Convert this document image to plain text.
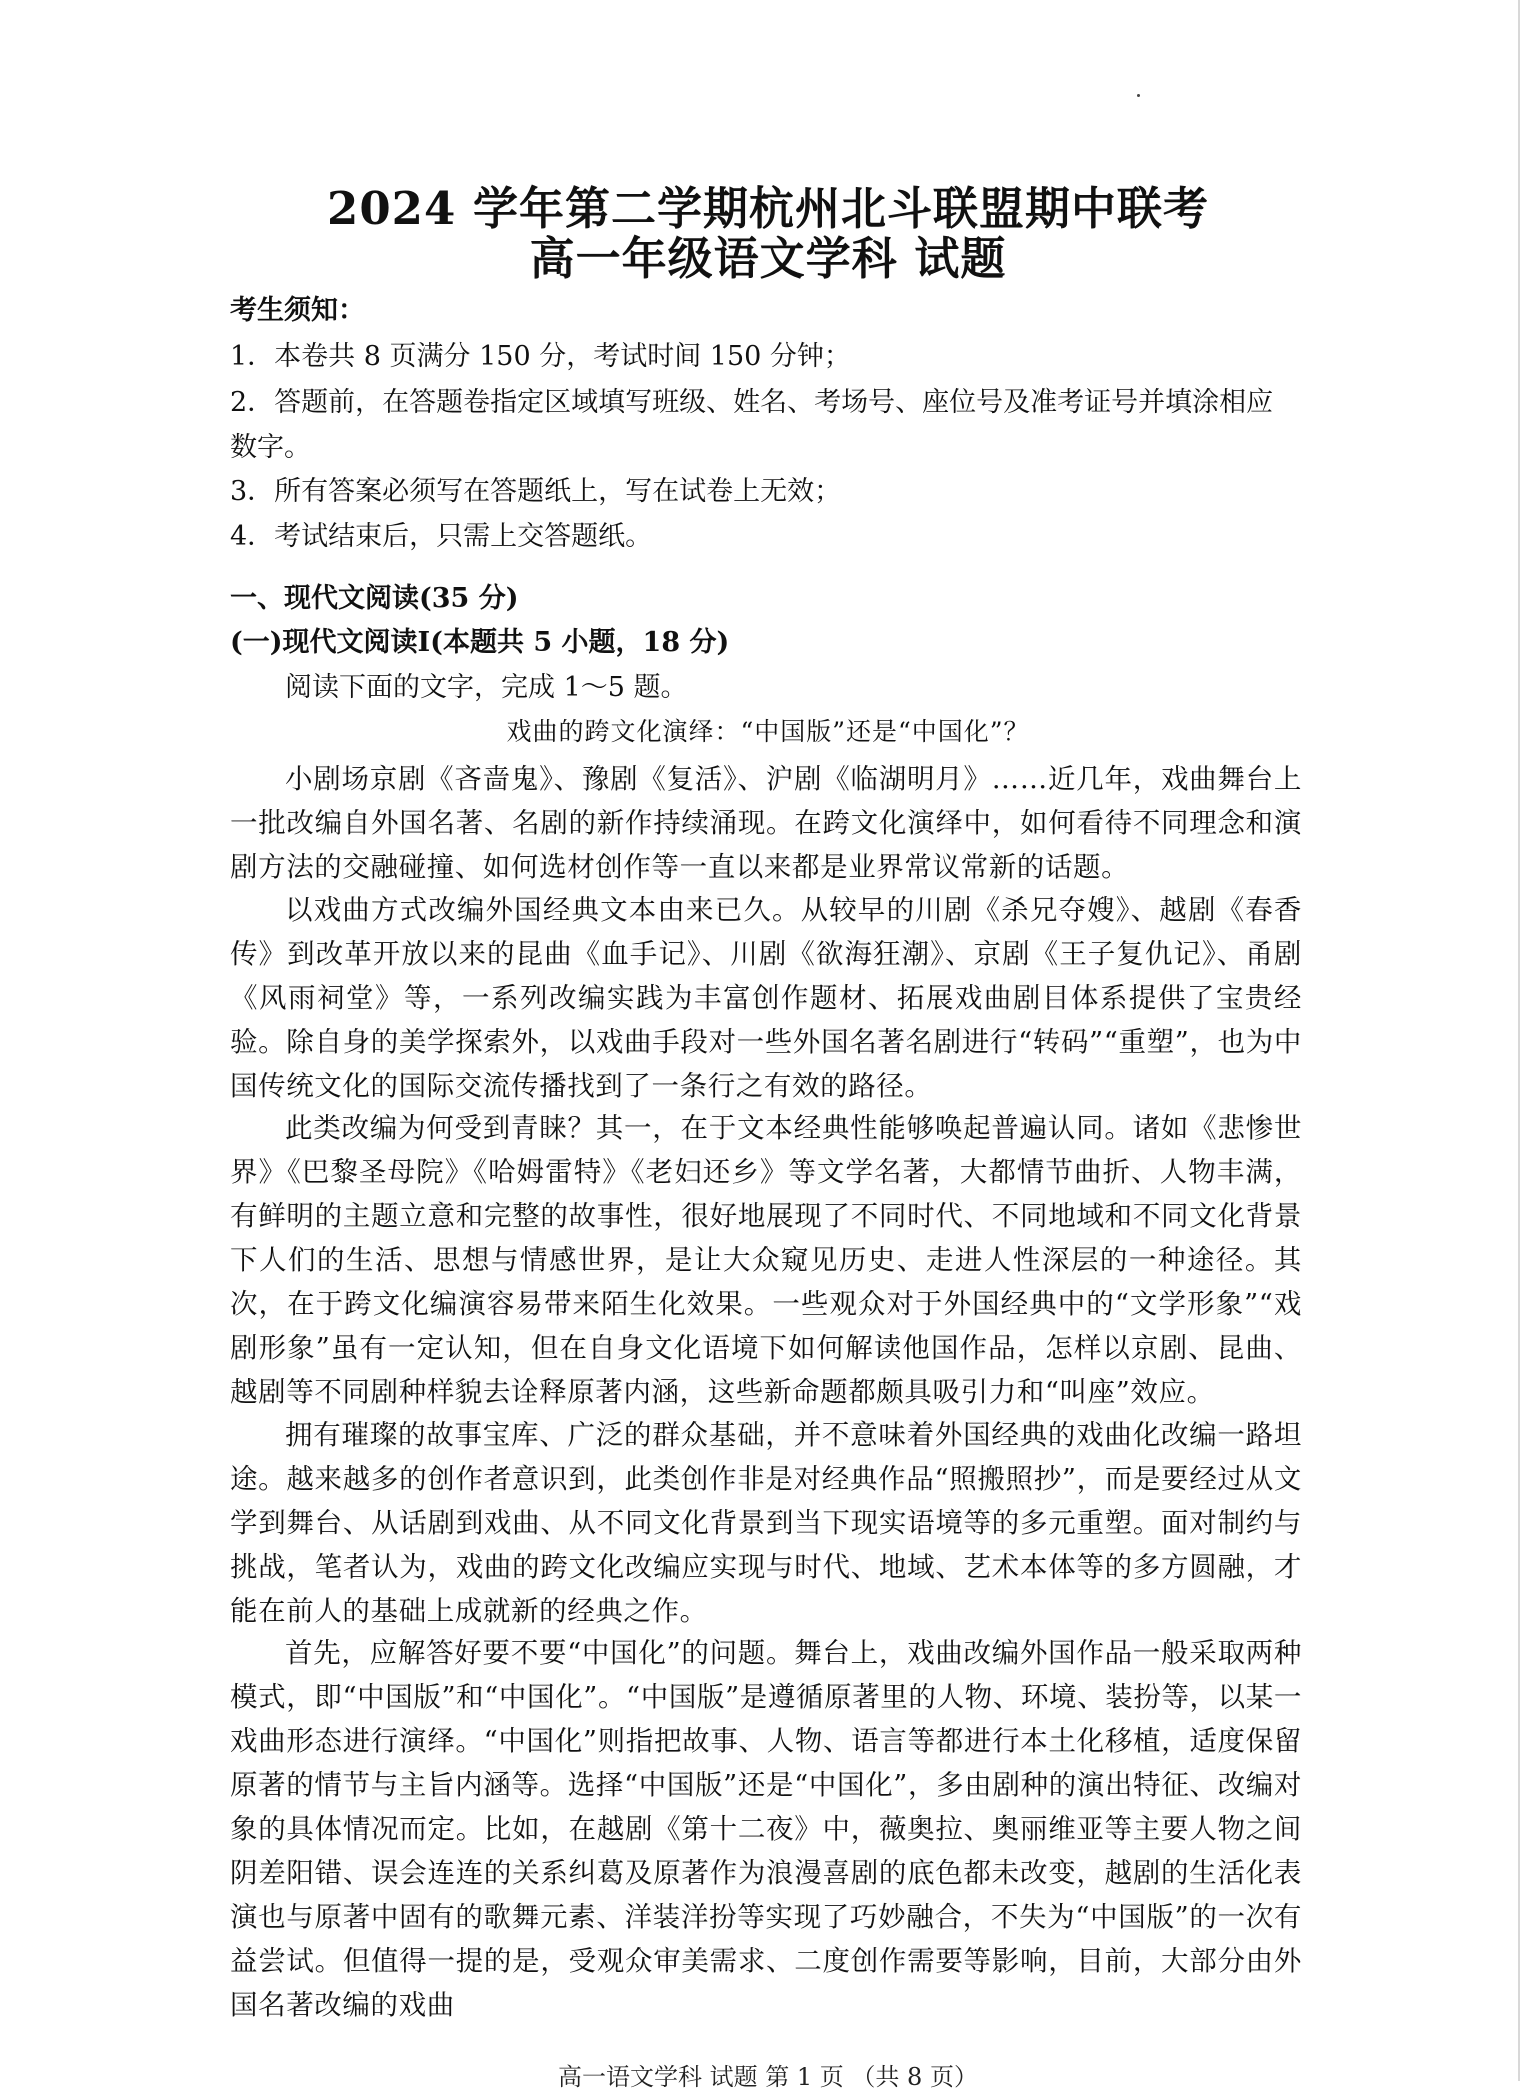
2024 学年第二学期杭州北斗联盟期中联考
高一年级语文学科 试题
考生须知：
1．本卷共 8 页满分 150 分，考试时间 150 分钟；
2．答题前，在答题卷指定区域填写班级、姓名、考场号、座位号及准考证号并填涂相应数字。
3．所有答案必须写在答题纸上，写在试卷上无效；
4．考试结束后，只需上交答题纸。
一、现代文阅读(35 分)
(一)现代文阅读Ⅰ(本题共 5 小题，18 分)
阅读下面的文字，完成 1～5 题。
戏曲的跨文化演绎：“中国版”还是“中国化”？

小剧场京剧《吝啬鬼》、豫剧《复活》、沪剧《临湖明月》……近几年，戏曲舞台上一批改编自外国名著、名剧的新作持续涌现。在跨文化演绎中，如何看待不同理念和演剧方法的交融碰撞、如何选材创作等一直以来都是业界常议常新的话题。

以戏曲方式改编外国经典文本由来已久。从较早的川剧《杀兄夺嫂》、越剧《春香传》到改革开放以来的昆曲《血手记》、川剧《欲海狂潮》、京剧《王子复仇记》、甬剧《风雨祠堂》等，一系列改编实践为丰富创作题材、拓展戏曲剧目体系提供了宝贵经验。除自身的美学探索外，以戏曲手段对一些外国名著名剧进行“转码”“重塑”，也为中国传统文化的国际交流传播找到了一条行之有效的路径。

此类改编为何受到青睐？其一，在于文本经典性能够唤起普遍认同。诸如《悲惨世界》《巴黎圣母院》《哈姆雷特》《老妇还乡》等文学名著，大都情节曲折、人物丰满，有鲜明的主题立意和完整的故事性，很好地展现了不同时代、不同地域和不同文化背景下人们的生活、思想与情感世界，是让大众窥见历史、走进人性深层的一种途径。其次，在于跨文化编演容易带来陌生化效果。一些观众对于外国经典中的“文学形象”“戏剧形象”虽有一定认知，但在自身文化语境下如何解读他国作品，怎样以京剧、昆曲、越剧等不同剧种样貌去诠释原著内涵，这些新命题都颇具吸引力和“叫座”效应。

拥有璀璨的故事宝库、广泛的群众基础，并不意味着外国经典的戏曲化改编一路坦途。越来越多的创作者意识到，此类创作非是对经典作品“照搬照抄”，而是要经过从文学到舞台、从话剧到戏曲、从不同文化背景到当下现实语境等的多元重塑。面对制约与挑战，笔者认为，戏曲的跨文化改编应实现与时代、地域、艺术本体等的多方圆融，才能在前人的基础上成就新的经典之作。

首先，应解答好要不要“中国化”的问题。舞台上，戏曲改编外国作品一般采取两种模式，即“中国版”和“中国化”。“中国版”是遵循原著里的人物、环境、装扮等，以某一戏曲形态进行演绎。“中国化”则指把故事、人物、语言等都进行本土化移植，适度保留原著的情节与主旨内涵等。选择“中国版”还是“中国化”，多由剧种的演出特征、改编对象的具体情况而定。比如，在越剧《第十二夜》中，薇奥拉、奥丽维亚等主要人物之间阴差阳错、误会连连的关系纠葛及原著作为浪漫喜剧的底色都未改变，越剧的生活化表演也与原著中固有的歌舞元素、洋装洋扮等实现了巧妙融合，不失为“中国版”的一次有益尝试。但值得一提的是，受观众审美需求、二度创作需要等影响，目前，大部分由外国名著改编的戏曲

高一语文学科 试题 第 1 页 （共 8 页）
